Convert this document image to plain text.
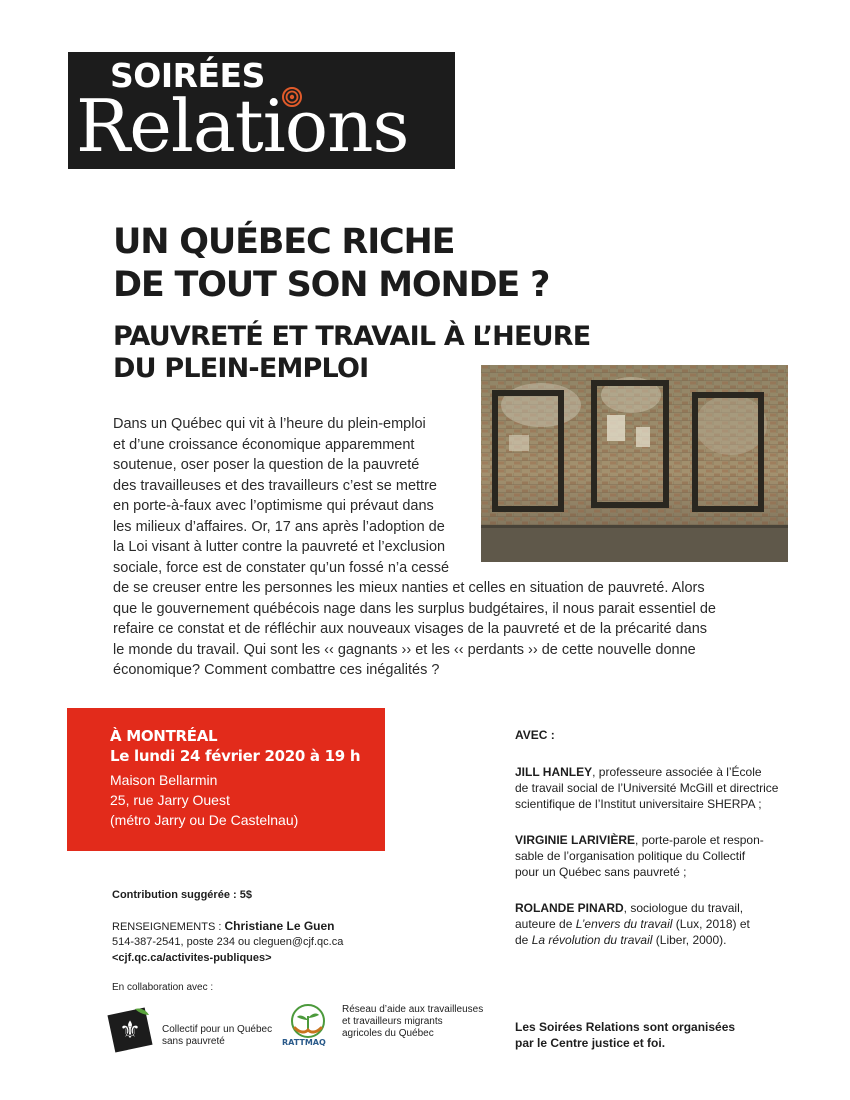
SOIRÉES
Relations
UN QUÉBEC RICHE
DE TOUT SON MONDE ?
PAUVRETÉ ET TRAVAIL À L’HEURE
DU PLEIN-EMPLOI
Dans un Québec qui vit à l’heure du plein-emploi
et d’une croissance économique apparemment
soutenue, oser poser la question de la pauvreté
des travailleuses et des travailleurs c’est se mettre
en porte-à-faux avec l’optimisme qui prévaut dans
les milieux d’affaires. Or, 17 ans après l’adoption de
la Loi visant à lutter contre la pauvreté et l’exclusion
sociale, force est de constater qu’un fossé n’a cessé
de se creuser entre les personnes les mieux nanties et celles en situation de pauvreté. Alors
que le gouvernement québécois nage dans les surplus budgétaires, il nous parait essentiel de
refaire ce constat et de réfléchir aux nouveaux visages de la pauvreté et de la précarité dans
le monde du travail. Qui sont les ‹‹ gagnants ›› et les ‹‹ perdants ›› de cette nouvelle donne
économique? Comment combattre ces inégalités ?
À MONTRÉAL
Le lundi 24 février 2020 à 19 h
Maison Bellarmin
25, rue Jarry Ouest
(métro Jarry ou De Castelnau)
Contribution suggérée : 5$
RENSEIGNEMENTS : Christiane Le Guen
514-387-2541, poste 234 ou cleguen@cjf.qc.ca
<cjf.qc.ca/activites-publiques>
En collaboration avec :
⚜ Collectif pour un Québec
sans pauvreté	RATTMAQ
Réseau d’aide aux travailleuses
et travailleurs migrants
agricoles du Québec
AVEC :
JILL HANLEY, professeure associée à l’École
de travail social de l’Université McGill et directrice
scientifique de l’Institut universitaire SHERPA ;
VIRGINIE LARIVIÈRE, porte-parole et respon-
sable de l’organisation politique du Collectif
pour un Québec sans pauvreté ;
ROLANDE PINARD, sociologue du travail,
auteure de L’envers du travail (Lux, 2018) et
de La révolution du travail (Liber, 2000).
Les Soirées Relations sont organisées
par le Centre justice et foi.
